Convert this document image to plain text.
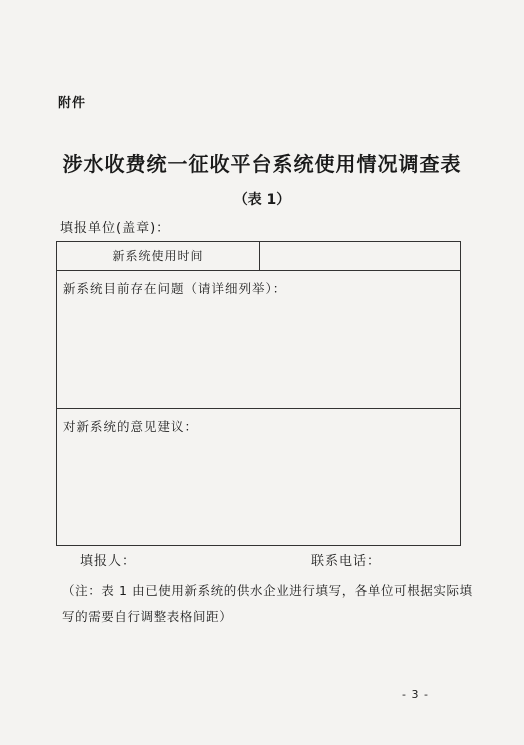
附件
涉水收费统一征收平台系统使用情况调查表
（表 1）
填报单位(盖章)：
新系统使用时间
新系统目前存在问题（请详细列举）：
对新系统的意见建议：
填报人：	联系电话：
（注：表 1 由已使用新系统的供水企业进行填写，各单位可根据实际填写的需要自行调整表格间距）
- 3 -
